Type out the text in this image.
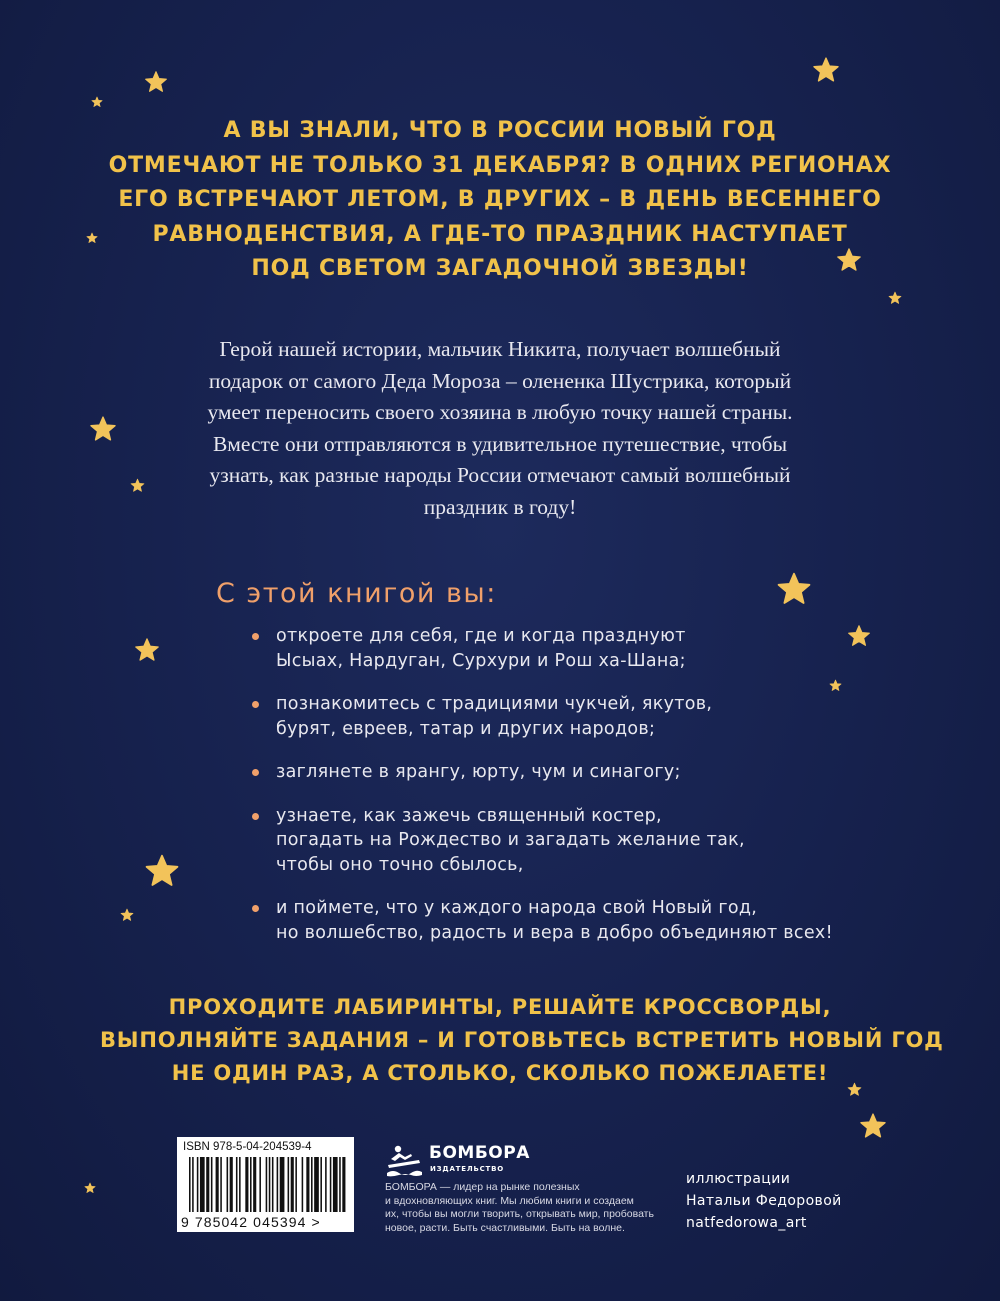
А ВЫ ЗНАЛИ, ЧТО В РОССИИ НОВЫЙ ГОД
ОТМЕЧАЮТ НЕ ТОЛЬКО 31 ДЕКАБРЯ? В ОДНИХ РЕГИОНАХ
ЕГО ВСТРЕЧАЮТ ЛЕТОМ, В ДРУГИХ – В ДЕНЬ ВЕСЕННЕГО
РАВНОДЕНСТВИЯ, А ГДЕ-ТО ПРАЗДНИК НАСТУПАЕТ
ПОД СВЕТОМ ЗАГАДОЧНОЙ ЗВЕЗДЫ!
Герой нашей истории, мальчик Никита, получает волшебный
подарок от самого Деда Мороза – олененка Шустрика, который
умеет переносить своего хозяина в любую точку нашей страны.
Вместе они отправляются в удивительное путешествие, чтобы
узнать, как разные народы России отмечают самый волшебный
праздник в году!
С этой книгой вы:
откроете для себя, где и когда празднуют
Ысыах, Нардуган, Сурхури и Рош ха-Шана;
познакомитесь с традициями чукчей, якутов,
бурят, евреев, татар и других народов;
заглянете в ярангу, юрту, чум и синагогу;
узнаете, как зажечь священный костер,
погадать на Рождество и загадать желание так,
чтобы оно точно сбылось,
и поймете, что у каждого народа свой Новый год,
но волшебство, радость и вера в добро объединяют всех!
ПРОХОДИТЕ ЛАБИРИНТЫ, РЕШАЙТЕ КРОССВОРДЫ,
ВЫПОЛНЯЙТЕ ЗАДАНИЯ – И ГОТОВЬТЕСЬ ВСТРЕТИТЬ НОВЫЙ ГОД
НЕ ОДИН РАЗ, А СТОЛЬКО, СКОЛЬКО ПОЖЕЛАЕТЕ!
ISBN 978-5-04-204539-4
9 785042 045394 >
БОМБОРА
ИЗДАТЕЛЬСТВО
БОМБОРА — лидер на рынке полезных
и вдохновляющих книг. Мы любим книги и создаем
их, чтобы вы могли творить, открывать мир, пробовать
новое, расти. Быть счастливыми. Быть на волне.
иллюстрации
Натальи Федоровой
natfedorowa_art
